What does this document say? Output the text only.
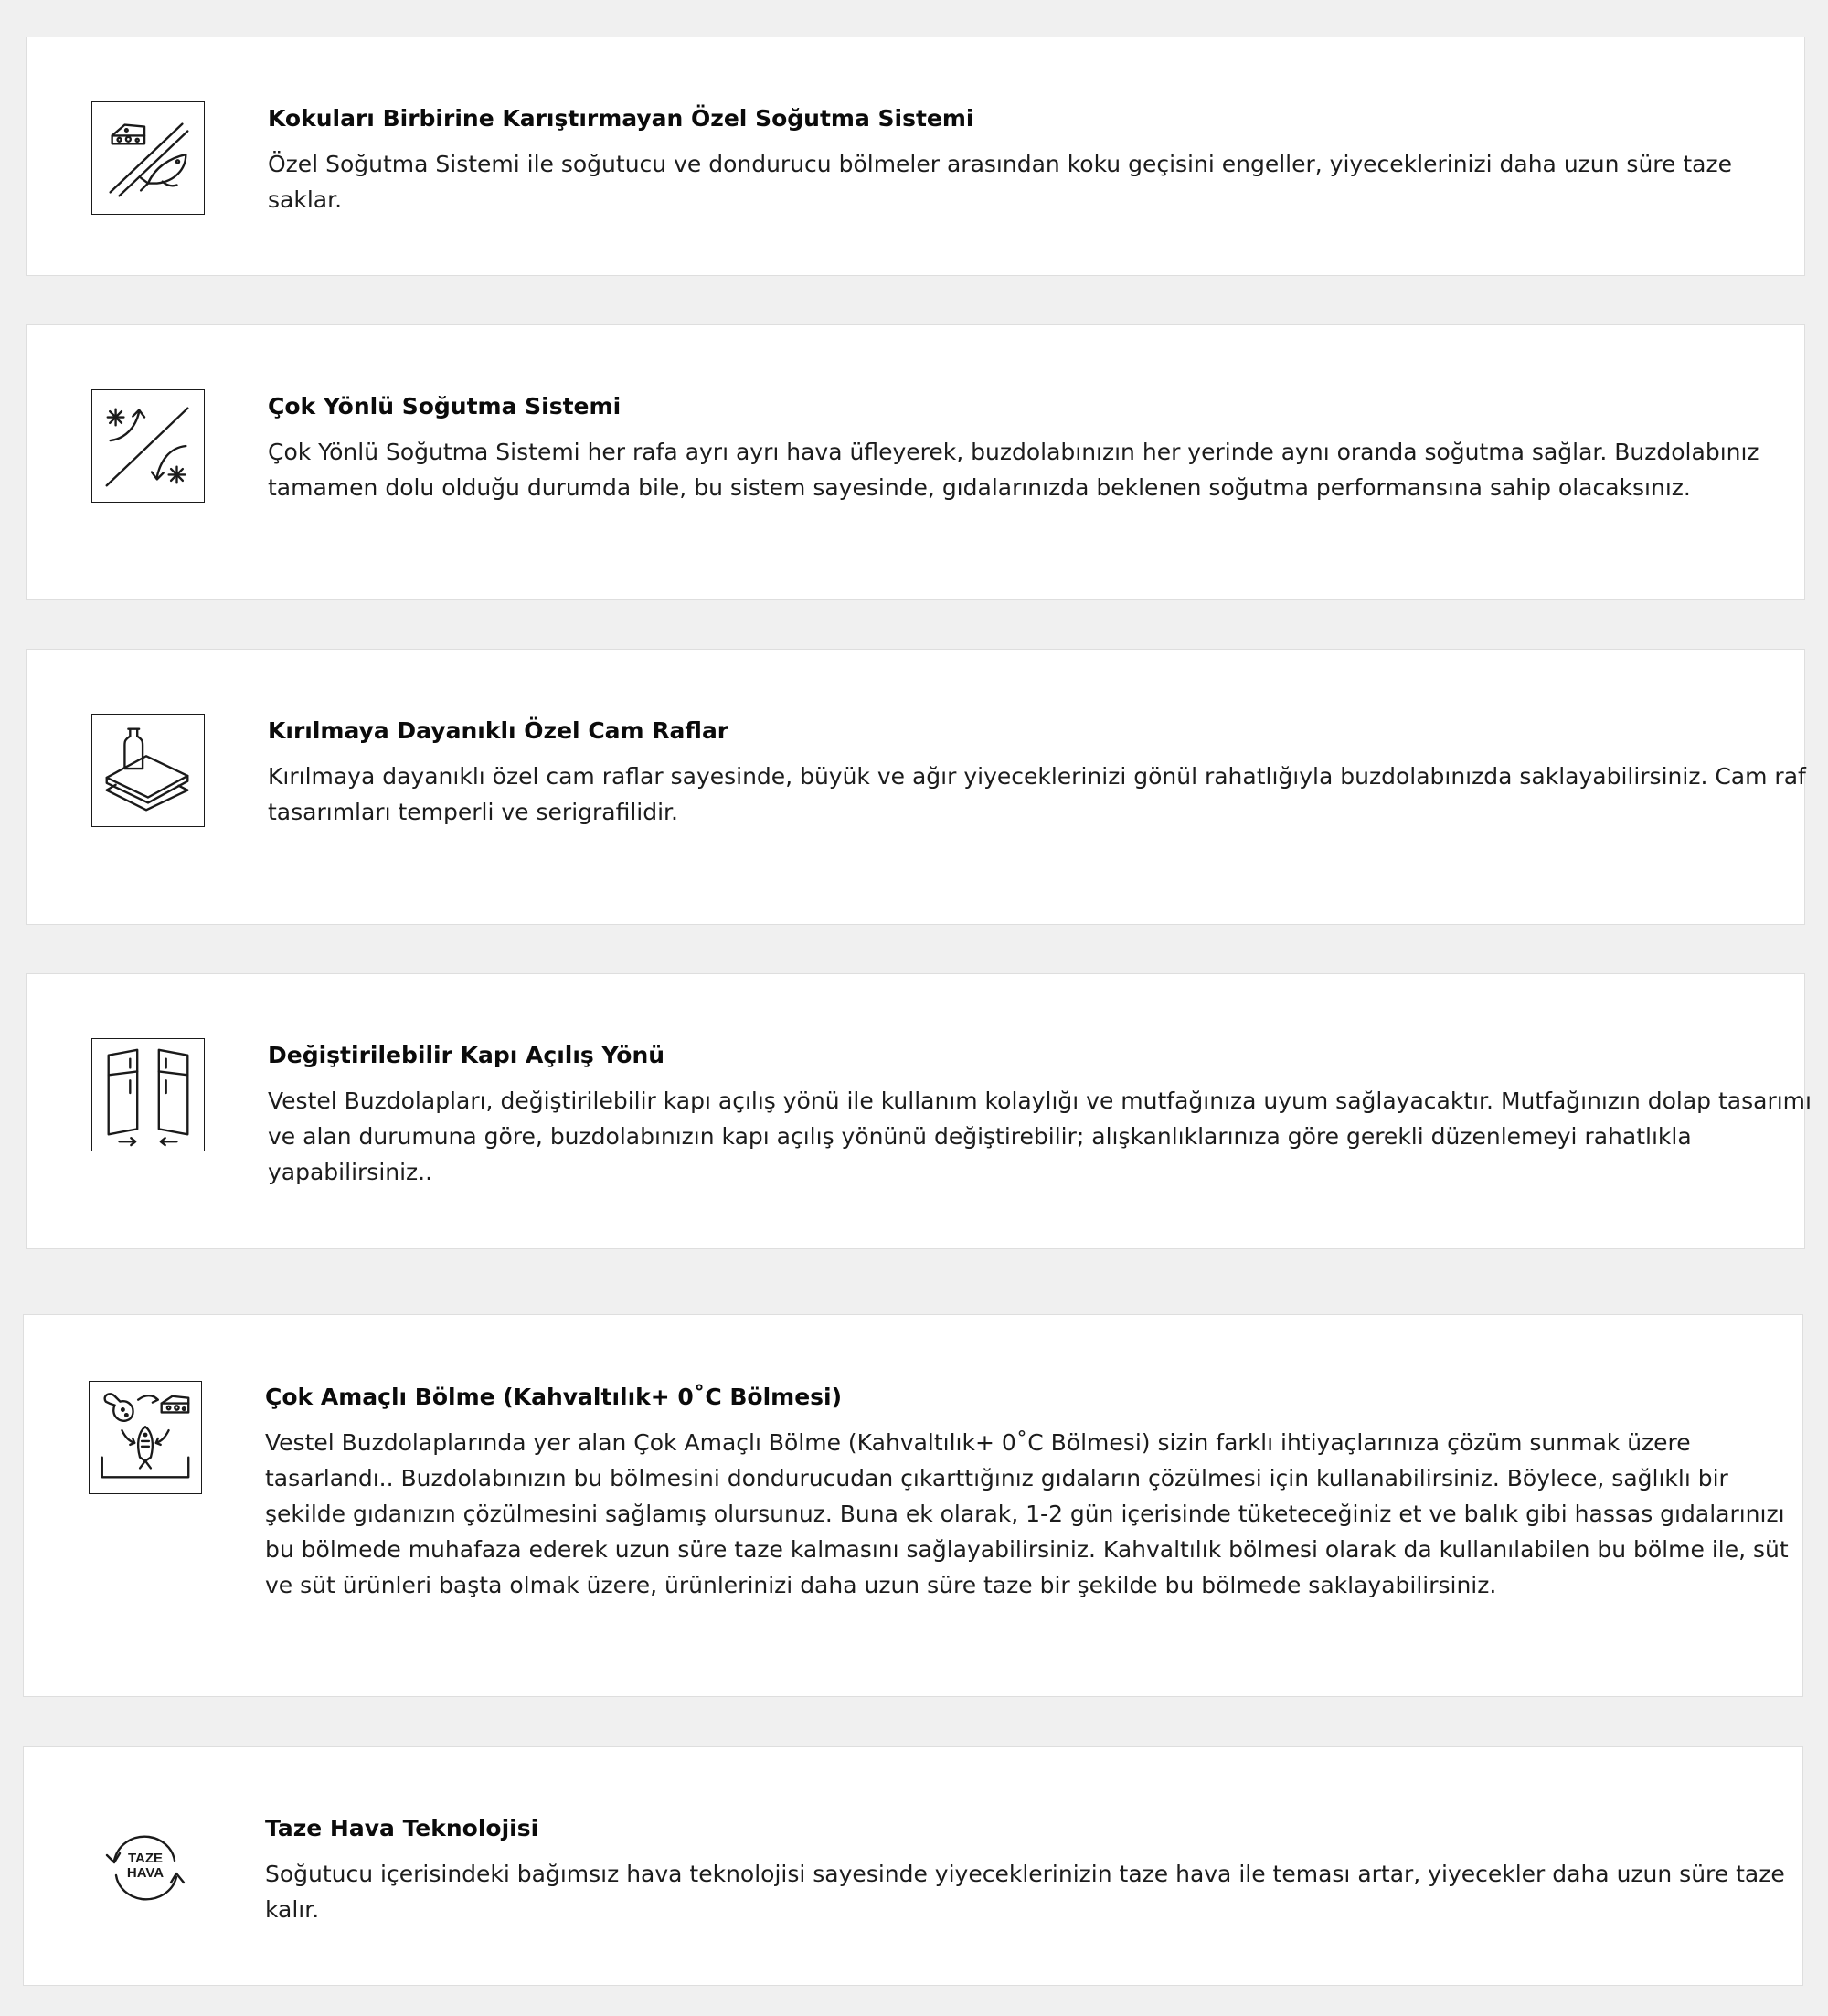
Kokuları Birbirine Karıştırmayan Özel Soğutma Sistemi

Özel Soğutma Sistemi ile soğutucu ve dondurucu bölmeler arasından koku geçisini engeller, yiyeceklerinizi daha uzun süre taze saklar.

Çok Yönlü Soğutma Sistemi

Çok Yönlü Soğutma Sistemi her rafa ayrı ayrı hava üfleyerek, buzdolabınızın her yerinde aynı oranda soğutma sağlar. Buzdolabınız tamamen dolu olduğu durumda bile, bu sistem sayesinde, gıdalarınızda beklenen soğutma performansına sahip olacaksınız.

Kırılmaya Dayanıklı Özel Cam Raflar

Kırılmaya dayanıklı özel cam raflar sayesinde, büyük ve ağır yiyeceklerinizi gönül rahatlığıyla buzdolabınızda saklayabilirsiniz. Cam raf tasarımları temperli ve serigrafilidir.

Değiştirilebilir Kapı Açılış Yönü

Vestel Buzdolapları, değiştirilebilir kapı açılış yönü ile kullanım kolaylığı ve mutfağınıza uyum sağlayacaktır. Mutfağınızın dolap tasarımı ve alan durumuna göre, buzdolabınızın kapı açılış yönünü değiştirebilir; alışkanlıklarınıza göre gerekli düzenlemeyi rahatlıkla yapabilirsiniz..

Çok Amaçlı Bölme (Kahvaltılık+ 0˚C Bölmesi)

Vestel Buzdolaplarında yer alan Çok Amaçlı Bölme (Kahvaltılık+ 0˚C Bölmesi) sizin farklı ihtiyaçlarınıza çözüm sunmak üzere tasarlandı.. Buzdolabınızın bu bölmesini dondurucudan çıkarttığınız gıdaların çözülmesi için kullanabilirsiniz. Böylece, sağlıklı bir şekilde gıdanızın çözülmesini sağlamış olursunuz. Buna ek olarak, 1-2 gün içerisinde tüketeceğiniz et ve balık gibi hassas gıdalarınızı bu bölmede muhafaza ederek uzun süre taze kalmasını sağlayabilirsiniz. Kahvaltılık bölmesi olarak da kullanılabilen bu bölme ile, süt ve süt ürünleri başta olmak üzere, ürünlerinizi daha uzun süre taze bir şekilde bu bölmede saklayabilirsiniz.

TAZE
HAVA
Taze Hava Teknolojisi

Soğutucu içerisindeki bağımsız hava teknolojisi sayesinde yiyeceklerinizin taze hava ile teması artar, yiyecekler daha uzun süre taze kalır.
